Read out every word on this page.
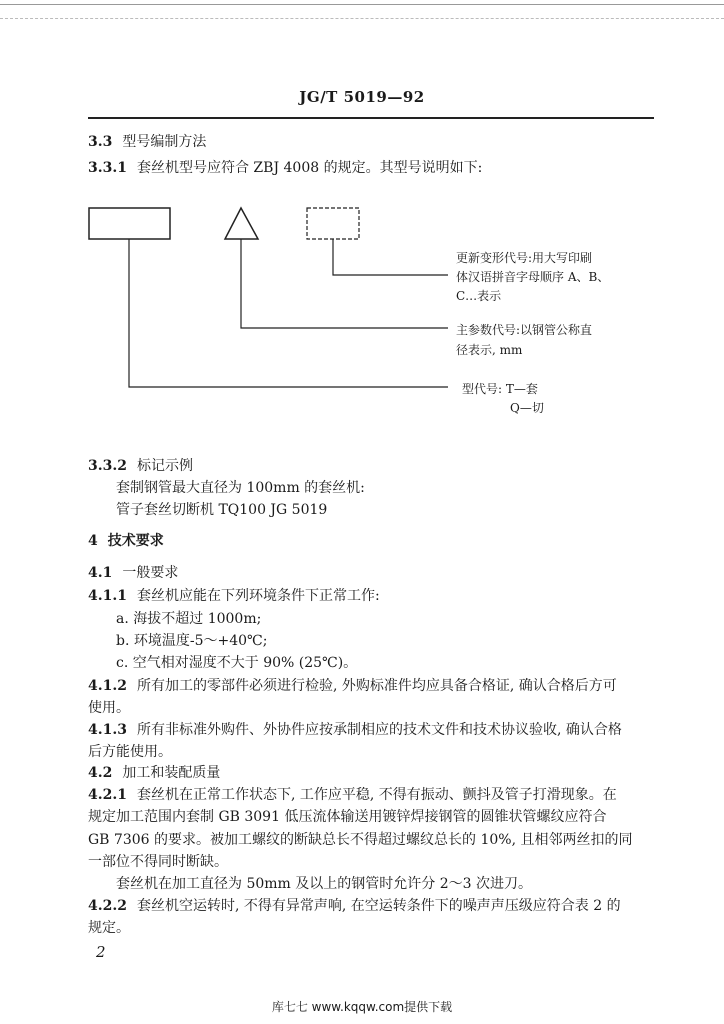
JG/T 5019—92
3.3 型号编制方法
3.3.1 套丝机型号应符合 ZBJ 4008 的规定。其型号说明如下:
更新变形代号:用大写印刷
体汉语拼音字母顺序 A、B、
C…表示
主参数代号:以钢管公称直
径表示, mm
型代号: T—套
Q—切
3.3.2 标记示例
套制钢管最大直径为 100mm 的套丝机:
管子套丝切断机 TQ100 JG 5019
4 技术要求
4.1 一般要求
4.1.1 套丝机应能在下列环境条件下正常工作:
a. 海拔不超过 1000m;
b. 环境温度-5～+40℃;
c. 空气相对湿度不大于 90% (25℃)。
4.1.2 所有加工的零部件必须进行检验, 外购标准件均应具备合格证, 确认合格后方可
使用。
4.1.3 所有非标准外购件、外协件应按承制相应的技术文件和技术协议验收, 确认合格
后方能使用。
4.2 加工和装配质量
4.2.1 套丝机在正常工作状态下, 工作应平稳, 不得有振动、颤抖及管子打滑现象。在
规定加工范围内套制 GB 3091 低压流体输送用镀锌焊接钢管的圆锥状管螺纹应符合
GB 7306 的要求。被加工螺纹的断缺总长不得超过螺纹总长的 10%, 且相邻两丝扣的同
一部位不得同时断缺。
套丝机在加工直径为 50mm 及以上的钢管时允许分 2～3 次进刀。
4.2.2 套丝机空运转时, 不得有异常声响, 在空运转条件下的噪声声压级应符合表 2 的
规定。
2
库七七 www.kqqw.com提供下载
